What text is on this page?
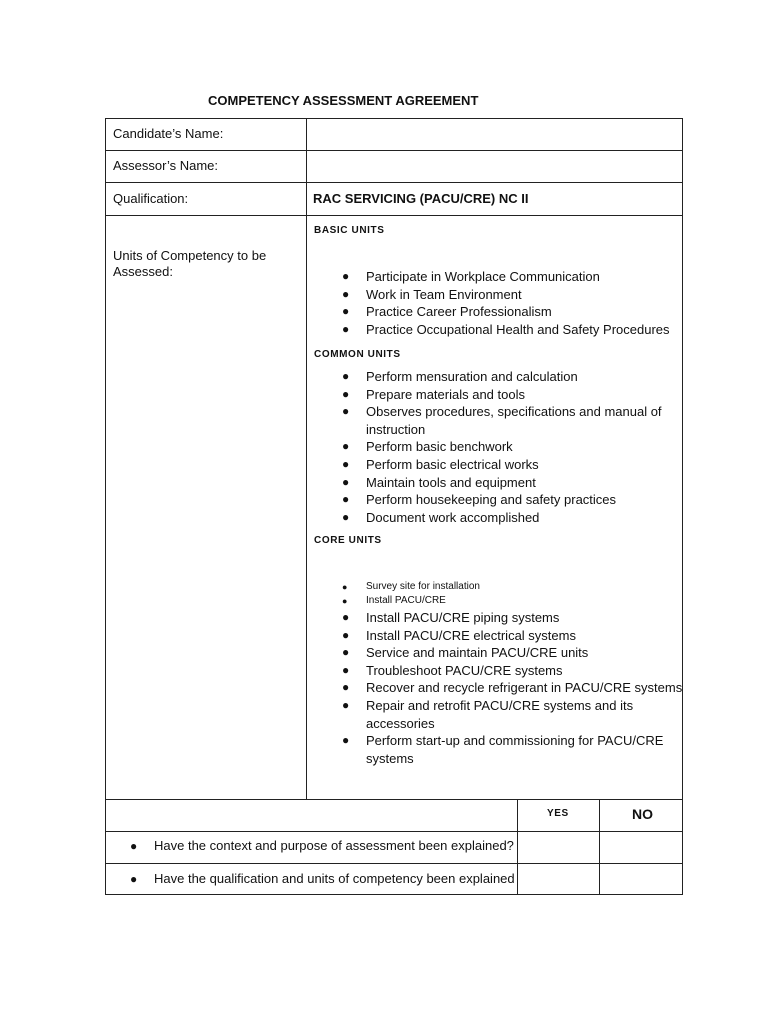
COMPETENCY ASSESSMENT AGREEMENT
Candidate’s Name:
Assessor’s Name:
Qualification:	RAC SERVICING (PACU/CRE) NC II
Units of Competency to be
Assessed:
BASIC UNITS
● Participate in Workplace Communication
● Work in Team Environment
● Practice Career Professionalism
● Practice Occupational Health and Safety Procedures
COMMON UNITS
● Perform mensuration and calculation
● Prepare materials and tools
● Observes procedures, specifications and manual of
instruction
● Perform basic benchwork
● Perform basic electrical works
● Maintain tools and equipment
● Perform housekeeping and safety practices
● Document work accomplished
CORE UNITS
● Survey site for installation
● Install PACU/CRE
● Install PACU/CRE piping systems
● Install PACU/CRE electrical systems
● Service and maintain PACU/CRE units
● Troubleshoot PACU/CRE systems
● Recover and recycle refrigerant in PACU/CRE systems
● Repair and retrofit PACU/CRE systems and its
accessories
● Perform start-up and commissioning for PACU/CRE
systems
YES	NO
● Have the context and purpose of assessment been explained?
● Have the qualification and units of competency been explained
